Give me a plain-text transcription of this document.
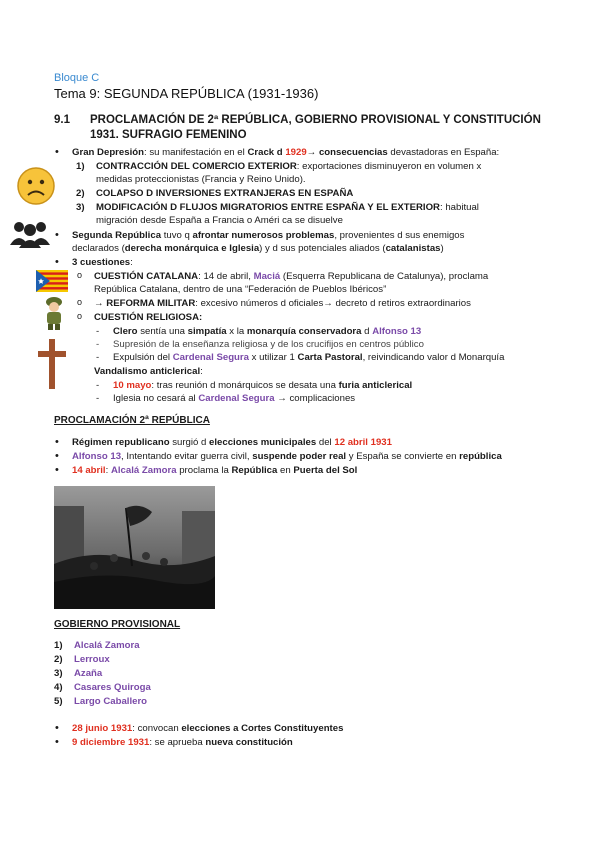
Bloque C
Tema 9: SEGUNDA REPÚBLICA (1931-1936)
9.1 PROCLAMACIÓN DE 2ª REPÚBLICA, GOBIERNO PROVISIONAL Y CONSTITUCIÓN 1931. SUFRAGIO FEMENINO
• Gran Depresión: su manifestación en el Crack d 1929→ consecuencias devastadoras en España:
1) CONTRACCIÓN DEL COMERCIO EXTERIOR: exportaciones disminuyeron en volumen x
medidas proteccionistas (Francia y Reino Unido).
2) COLAPSO D INVERSIONES EXTRANJERAS EN ESPAÑA
3) MODIFICACIÓN D FLUJOS MIGRATORIOS ENTRE ESPAÑA Y EL EXTERIOR: habitual
migración desde España a Francia o Améri ca se disuelve
• Segunda República tuvo q afrontar numerosos problemas, provenientes d sus enemigos
declarados (derecha monárquica e Iglesia) y d sus potenciales aliados (catalanistas)
• 3 cuestiones:
o CUESTIÓN CATALANA: 14 de abril, Maciá (Esquerra Republicana de Catalunya), proclama
República Catalana, dentro de una “Federación de Pueblos Ibéricos”
o → REFORMA MILITAR: excesivo números d oficiales→ decreto d retiros extraordinarios
o CUESTIÓN RELIGIOSA:
- Clero sentía una simpatía x la monarquía conservadora d Alfonso 13
- Supresión de la enseñanza religiosa y de los crucifijos en centros público
- Expulsión del Cardenal Segura x utilizar 1 Carta Pastoral, reivindicando valor d Monarquía
Vandalismo anticlerical:
- 10 mayo: tras reunión d monárquicos se desata una furia anticlerical
- Iglesia no cesará al Cardenal Segura → complicaciones
PROCLAMACIÓN 2ª REPÚBLICA
• Régimen republicano surgió d elecciones municipales del 12 abril 1931
• Alfonso 13, Intentando evitar guerra civil, suspende poder real y España se convierte en república
• 14 abril: Alcalá Zamora proclama la República en Puerta del Sol
GOBIERNO PROVISIONAL
1) Alcalá Zamora
2) Lerroux
3) Azaña
4) Casares Quiroga
5) Largo Caballero
• 28 junio 1931: convocan elecciones a Cortes Constituyentes
• 9 diciembre 1931: se aprueba nueva constitución
